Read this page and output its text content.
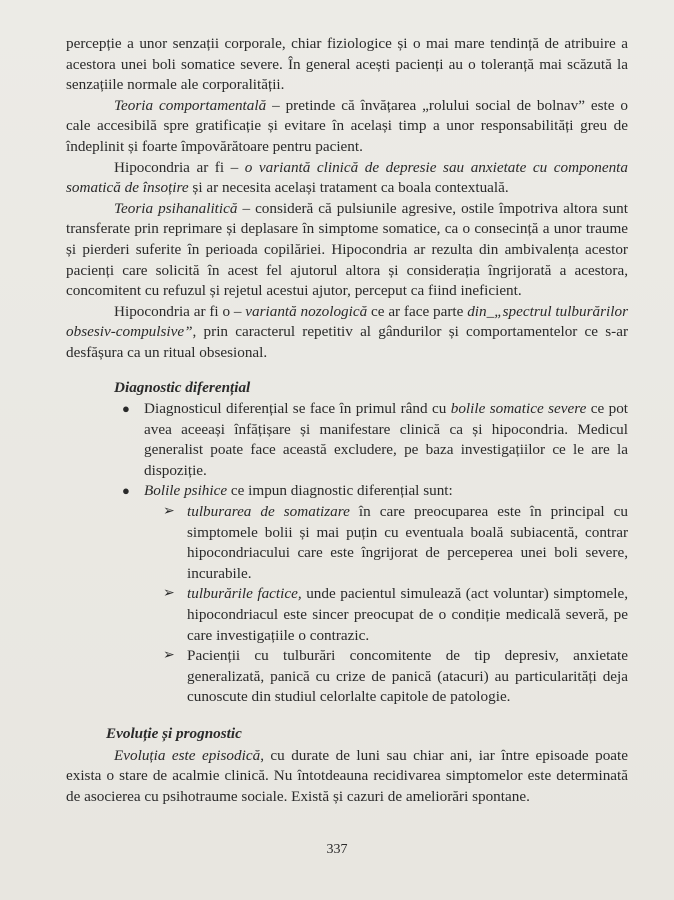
percepție a unor senzații corporale, chiar fiziologice și o mai mare tendință de atribuire a acestora unei boli somatice severe. În general acești pacienți au o toleranță mai scăzută la senzațiile normale ale corporalității.

Teoria comportamentală – pretinde că învățarea „rolului social de bolnav” este o cale accesibilă spre gratificație și evitare în același timp a unor responsabilități greu de îndeplinit și foarte împovărătoare pentru pacient.

Hipocondria ar fi – o variantă clinică de depresie sau anxietate cu componenta somatică de însoțire și ar necesita același tratament ca boala contextuală.

Teoria psihanalitică – consideră că pulsiunile agresive, ostile împotriva altora sunt transferate prin reprimare și deplasare în simptome somatice, ca o consecință a unor traume și pierderi suferite în perioada copilăriei. Hipocondria ar rezulta din ambivalența acestor pacienți care solicită în acest fel ajutorul altora și considerația îngrijorată a acestora, concomitent cu refuzul și rejetul acestui ajutor, perceput ca fiind ineficient.

Hipocondria ar fi o – variantă nozologică ce ar face parte din_„spectrul tulburărilor obsesiv-compulsive”, prin caracterul repetitiv al gândurilor și comportamentelor ce s-ar desfășura ca un ritual obsesional.

Diagnostic diferențial

● Diagnosticul diferențial se face în primul rând cu bolile somatice severe ce pot avea aceeași înfățișare și manifestare clinică ca și hipocondria. Medicul generalist poate face această excludere, pe baza investigațiilor ce le are la dispoziție.
● Bolile psihice ce impun diagnostic diferențial sunt:
➢ tulburarea de somatizare în care preocuparea este în principal cu simptomele bolii și mai puțin cu eventuala boală subiacentă, contrar hipocondriacului care este îngrijorat de perceperea unei boli severe, incurabile.
➢ tulburările factice, unde pacientul simulează (act voluntar) simptomele, hipocondriacul este sincer preocupat de o condiție medicală severă, pe care investigațiile o contrazic.
➢ Pacienții cu tulburări concomitente de tip depresiv, anxietate generalizată, panică cu crize de panică (atacuri) au particularități deja cunoscute din studiul celorlalte capitole de patologie.

Evoluție și prognostic

Evoluția este episodică, cu durate de luni sau chiar ani, iar între episoade poate exista o stare de acalmie clinică. Nu întotdeauna recidivarea simptomelor este determinată de asocierea cu psihotraume sociale. Există și cazuri de ameliorări spontane.

337
